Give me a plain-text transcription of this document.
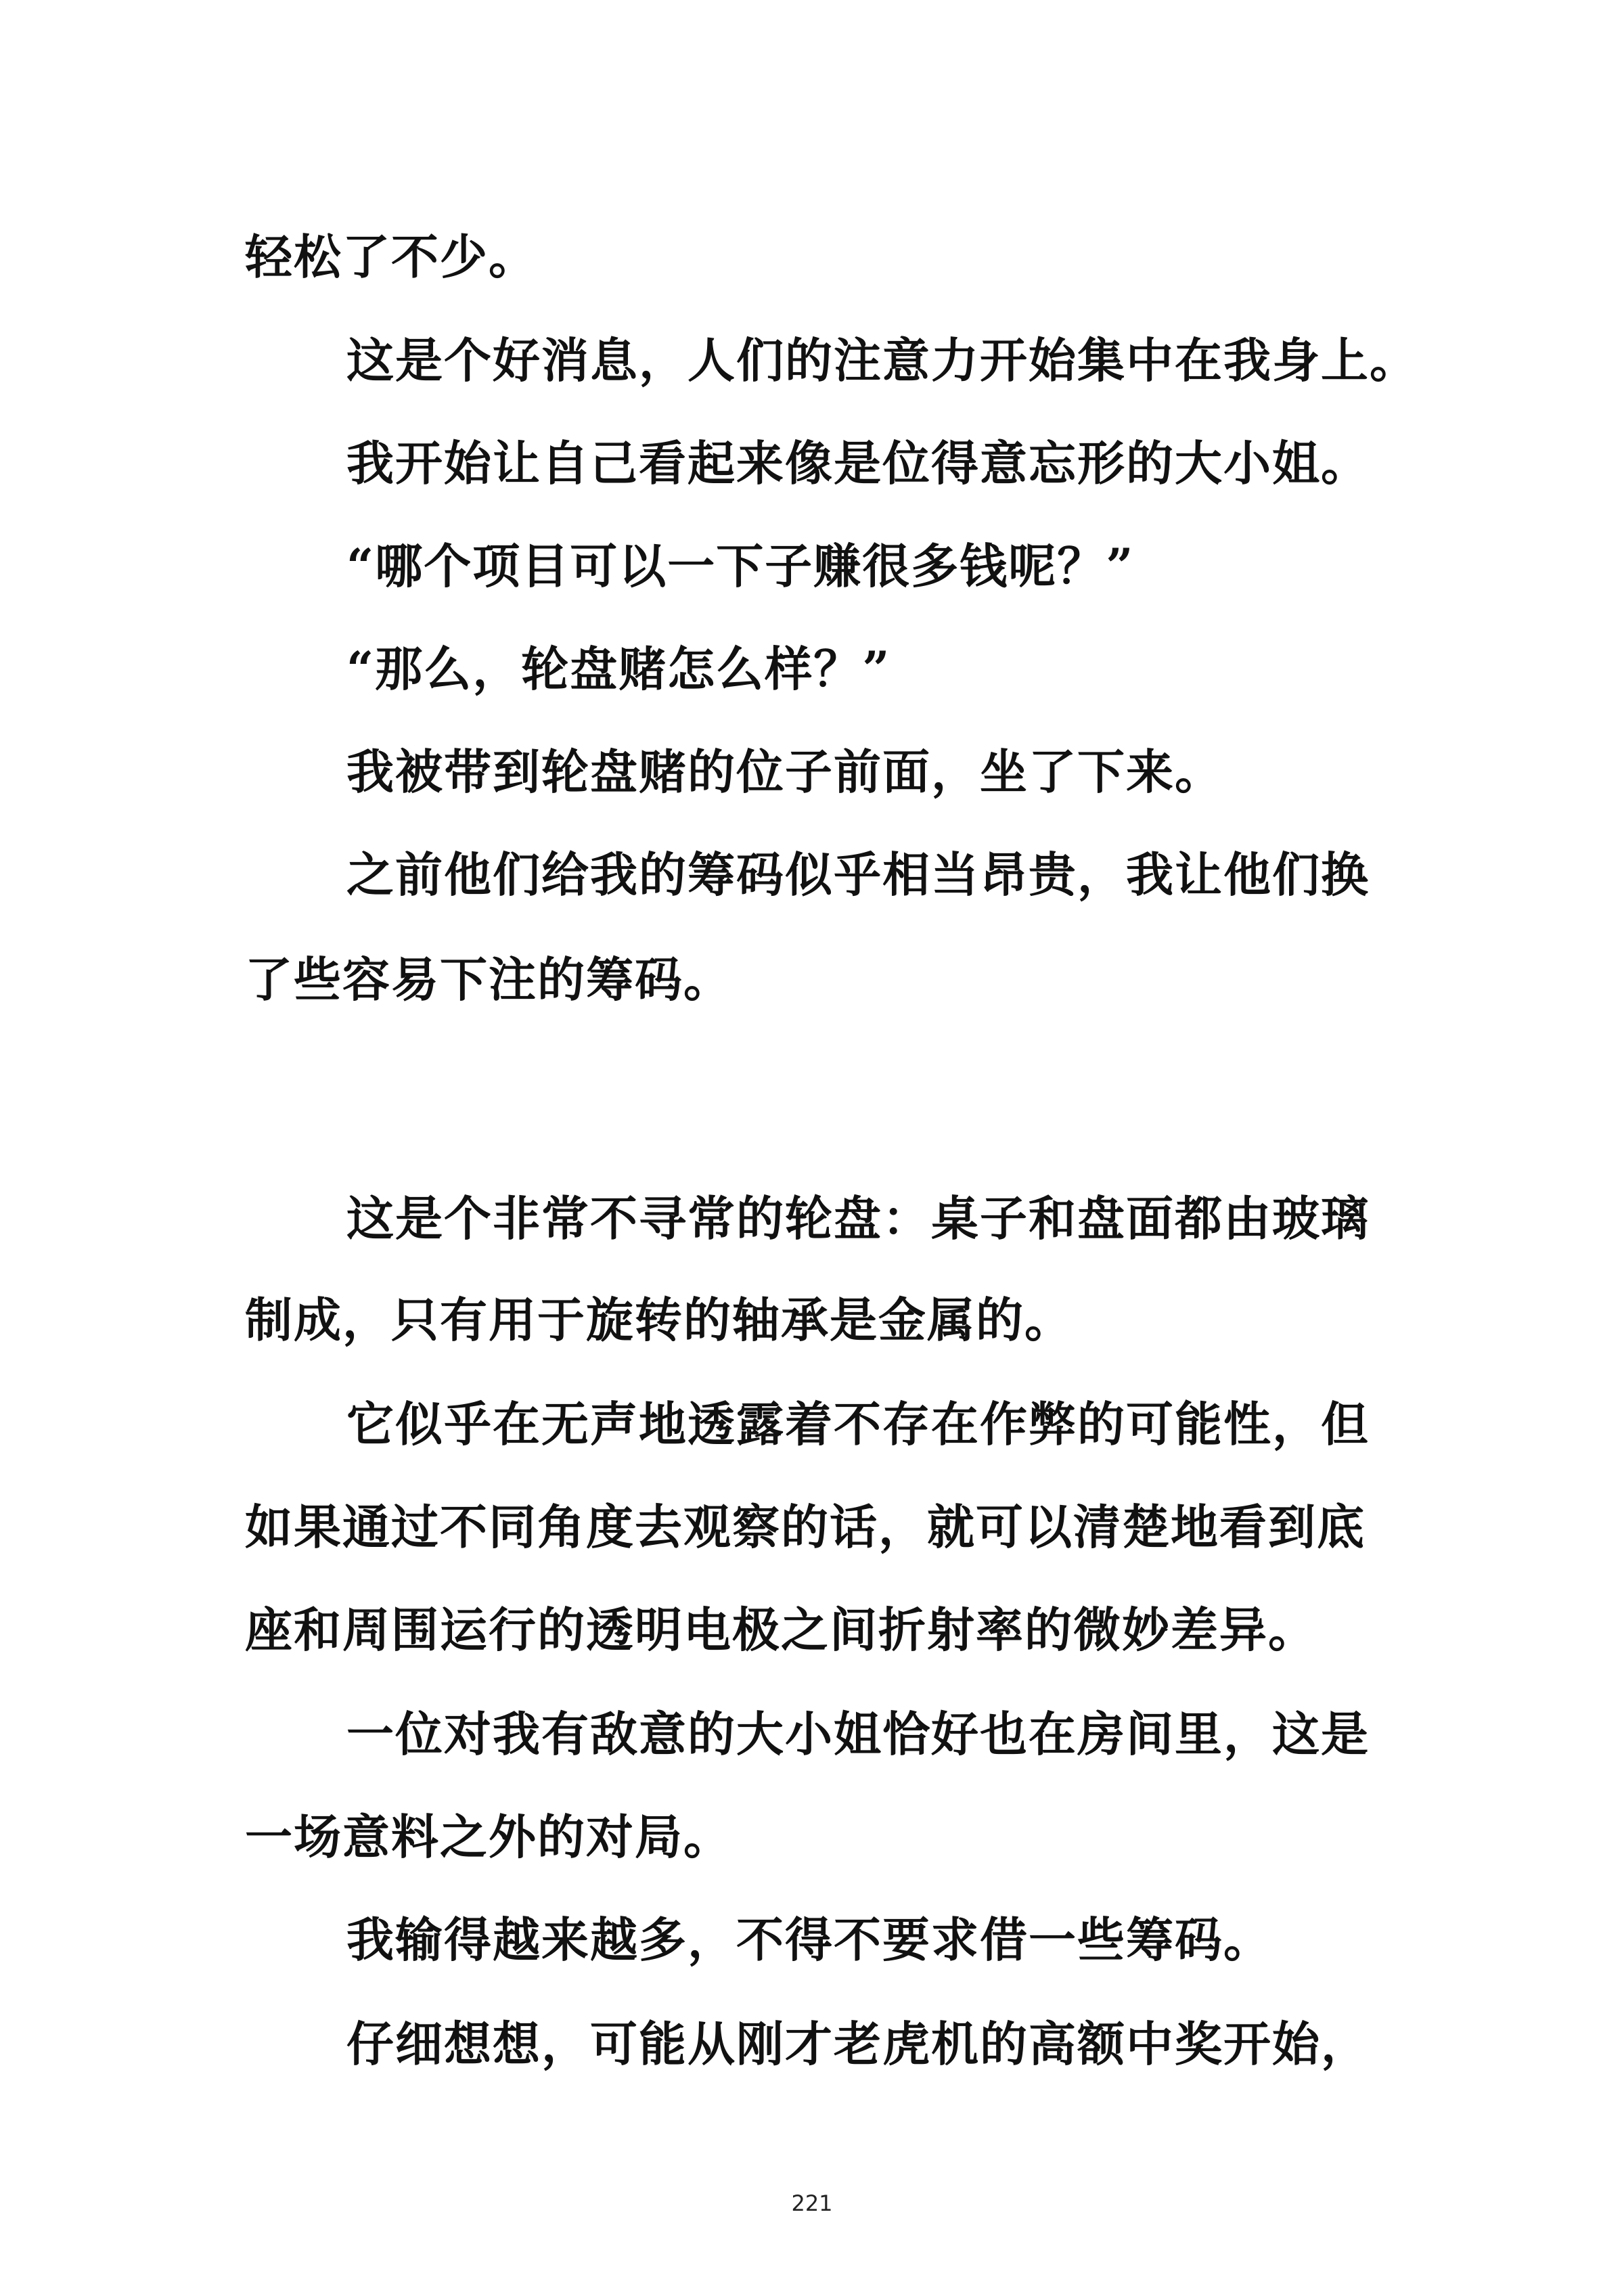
轻松了不少。
这是个好消息，人们的注意力开始集中在我身上。
我开始让自己看起来像是位得意忘形的大小姐。
“哪个项目可以一下子赚很多钱呢？”
“那么，轮盘赌怎么样？”
我被带到轮盘赌的位子前面，坐了下来。
之前他们给我的筹码似乎相当昂贵，我让他们换
了些容易下注的筹码。
这是个非常不寻常的轮盘：桌子和盘面都由玻璃
制成，只有用于旋转的轴承是金属的。
它似乎在无声地透露着不存在作弊的可能性，但
如果通过不同角度去观察的话，就可以清楚地看到底
座和周围运行的透明电极之间折射率的微妙差异。
一位对我有敌意的大小姐恰好也在房间里，这是
一场意料之外的对局。
我输得越来越多，不得不要求借一些筹码。
仔细想想，可能从刚才老虎机的高额中奖开始，
221
